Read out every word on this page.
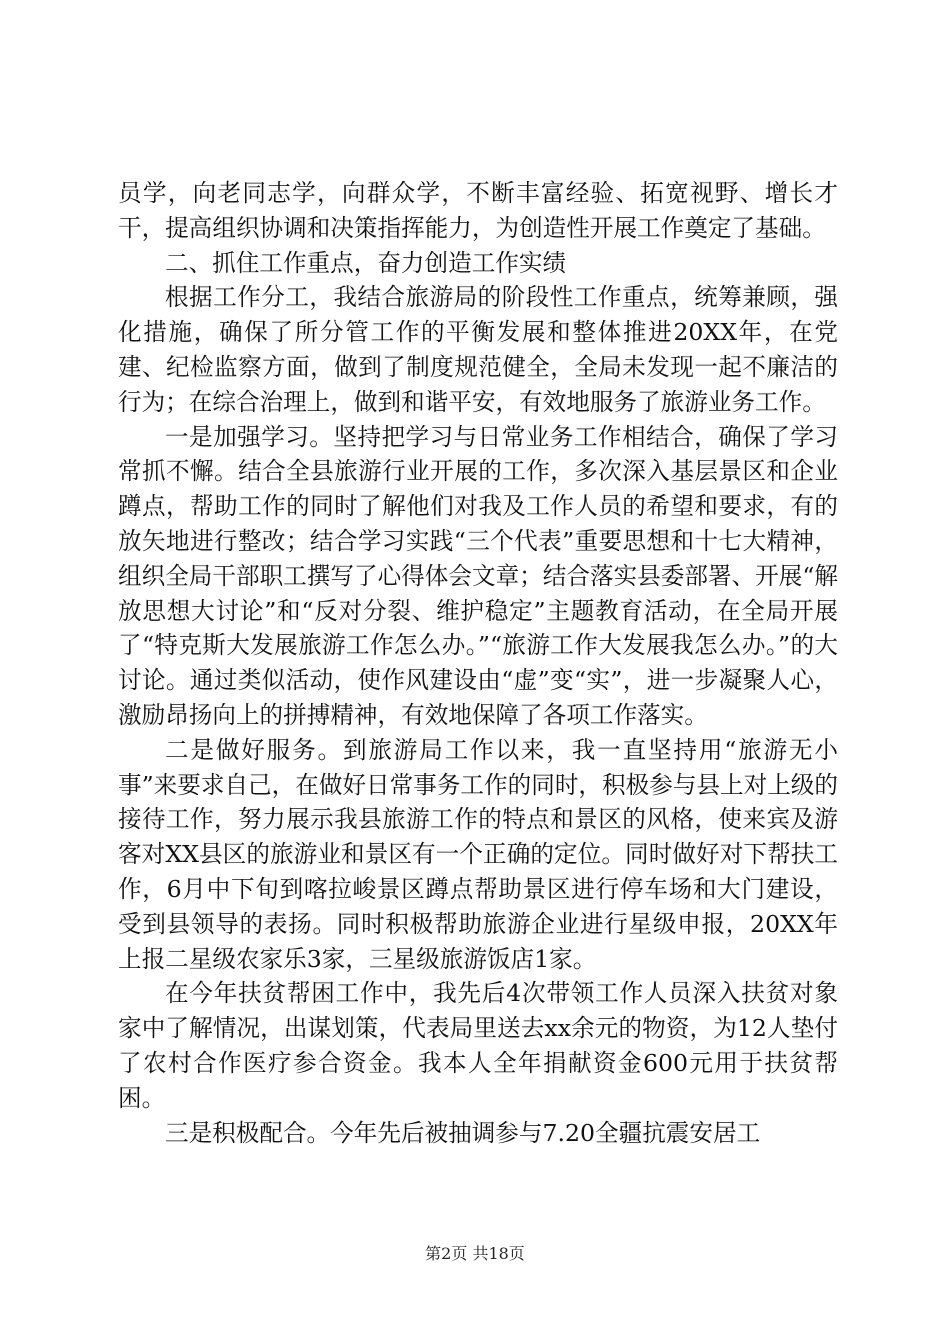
员学，向老同志学，向群众学，不断丰富经验、拓宽视野、增长才干，提高组织协调和决策指挥能力，为创造性开展工作奠定了基础。

二、抓住工作重点，奋力创造工作实绩

根据工作分工，我结合旅游局的阶段性工作重点，统筹兼顾，强化措施，确保了所分管工作的平衡发展和整体推进20XX年，在党建、纪检监察方面，做到了制度规范健全，全局未发现一起不廉洁的行为；在综合治理上，做到和谐平安，有效地服务了旅游业务工作。

一是加强学习。坚持把学习与日常业务工作相结合，确保了学习常抓不懈。结合全县旅游行业开展的工作，多次深入基层景区和企业蹲点，帮助工作的同时了解他们对我及工作人员的希望和要求，有的放矢地进行整改；结合学习实践“三个代表”重要思想和十七大精神，组织全局干部职工撰写了心得体会文章；结合落实县委部署、开展“解放思想大讨论”和“反对分裂、维护稳定”主题教育活动，在全局开展了“特克斯大发展旅游工作怎么办。”“旅游工作大发展我怎么办。”的大讨论。通过类似活动，使作风建设由“虚”变“实”，进一步凝聚人心，激励昂扬向上的拼搏精神，有效地保障了各项工作落实。

二是做好服务。到旅游局工作以来，我一直坚持用“旅游无小事”来要求自己，在做好日常事务工作的同时，积极参与县上对上级的接待工作，努力展示我县旅游工作的特点和景区的风格，使来宾及游客对XX县区的旅游业和景区有一个正确的定位。同时做好对下帮扶工作，6月中下旬到喀拉峻景区蹲点帮助景区进行停车场和大门建设，受到县领导的表扬。同时积极帮助旅游企业进行星级申报，20XX年上报二星级农家乐3家，三星级旅游饭店1家。

在今年扶贫帮困工作中，我先后4次带领工作人员深入扶贫对象家中了解情况，出谋划策，代表局里送去xx余元的物资，为12人垫付了农村合作医疗参合资金。我本人全年捐献资金600元用于扶贫帮困。

三是积极配合。今年先后被抽调参与7.20全疆抗震安居工

第2页 共18页
